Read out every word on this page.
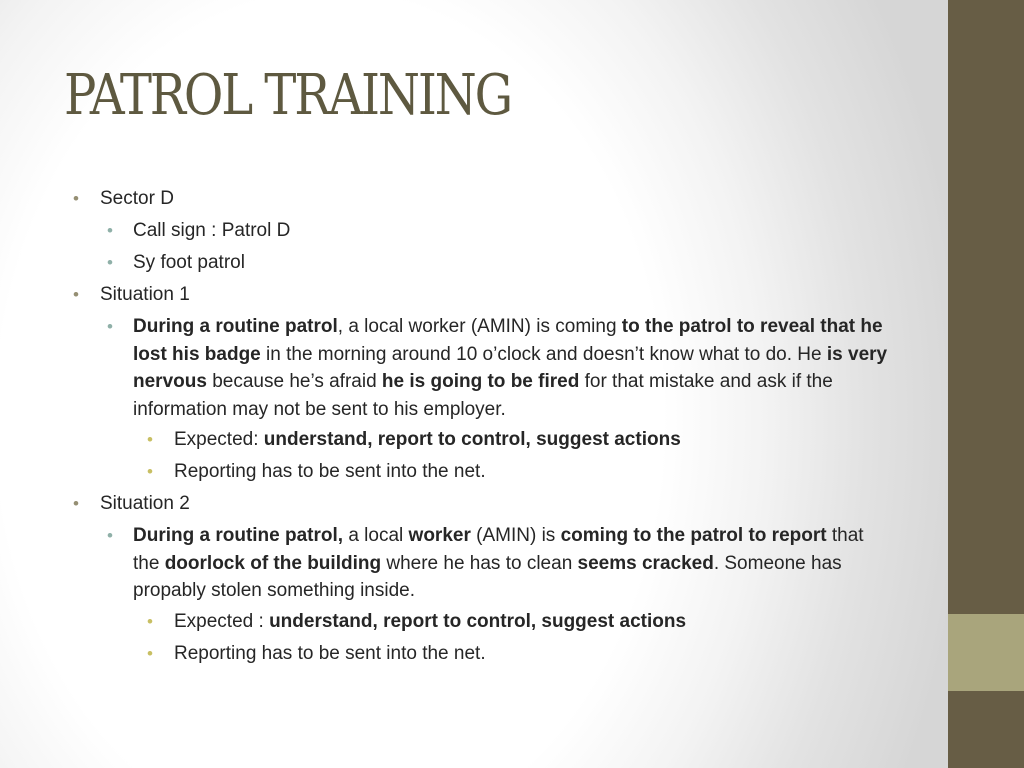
PATROL TRAINING
• Sector D
• Call sign : Patrol D
• Sy foot patrol
• Situation 1
• During a routine patrol, a local worker (AMIN) is coming to the patrol to reveal that he lost his badge in the morning around 10 o’clock and doesn’t know what to do. He is very nervous because he’s afraid he is going to be fired for that mistake and ask if the information may not be sent to his employer.
• Expected: understand, report to control, suggest actions
• Reporting has to be sent into the net.
• Situation 2
• During a routine patrol, a local worker (AMIN) is coming to the patrol to report that the doorlock of the building where he has to clean seems cracked. Someone has propably stolen something inside.
• Expected : understand, report to control, suggest actions
• Reporting has to be sent into the net.
